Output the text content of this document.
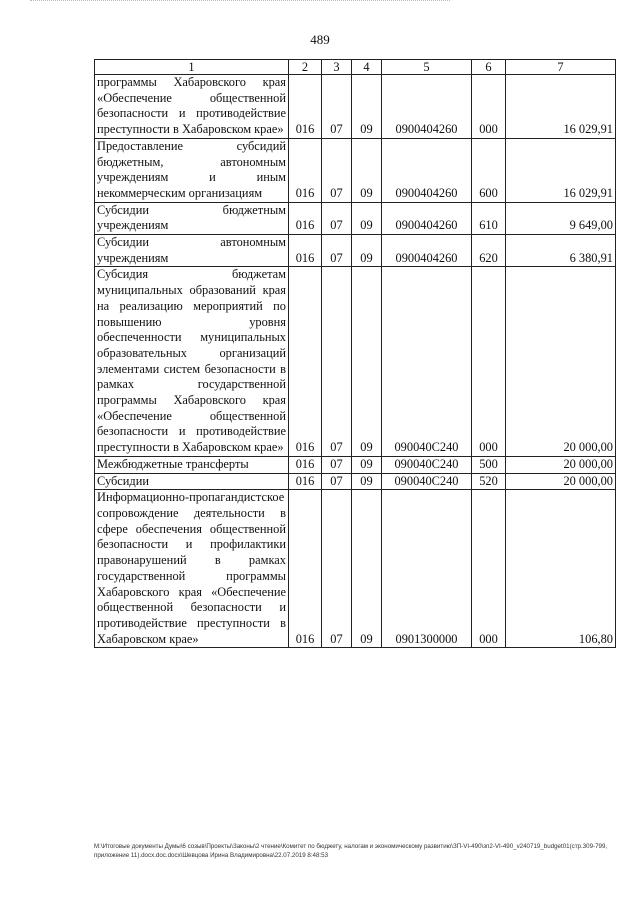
489
1	2	3	4	5	6	7
программы Хабаровского края «Обеспечение общественной безопасности и противодействие преступности в Хабаровском крае»	016	07	09	0900404260	000	16 029,91
Предоставление субсидий бюджетным, автономным учреждениям и иным некоммерческим организациям	016	07	09	0900404260	600	16 029,91
Субсидии бюджетным учреждениям	016	07	09	0900404260	610	9 649,00
Субсидии автономным учреждениям	016	07	09	0900404260	620	6 380,91
Субсидия бюджетам муниципальных образований края на реализацию мероприятий по повышению уровня обеспеченности муниципальных образовательных организаций элементами систем безопасности в рамках государственной программы Хабаровского края «Обеспечение общественной безопасности и противодействие преступности в Хабаровском крае»	016	07	09	090040С240	000	20 000,00
Межбюджетные трансферты	016	07	09	090040С240	500	20 000,00
Субсидии	016	07	09	090040С240	520	20 000,00
Информационно-пропагандистское сопровождение деятельности в сфере обеспечения общественной безопасности и профилактики правонарушений в рамках государственной программы Хабаровского края «Обеспечение общественной безопасности и противодействие преступности в Хабаровском крае»	016	07	09	0901300000	000	106,80
М:\Итоговые документы Думы\6 созыв\Проекты\Законы\2 чтение\Комитет по бюджету, налогам и экономическому развитию\ЗП-VI-490\зп2-VI-490_v240719_budget01(стр.309-799, приложение 11).docx.doc.docx\Шевцова Ирина Владимировна\22.07.2019 8:48:53
